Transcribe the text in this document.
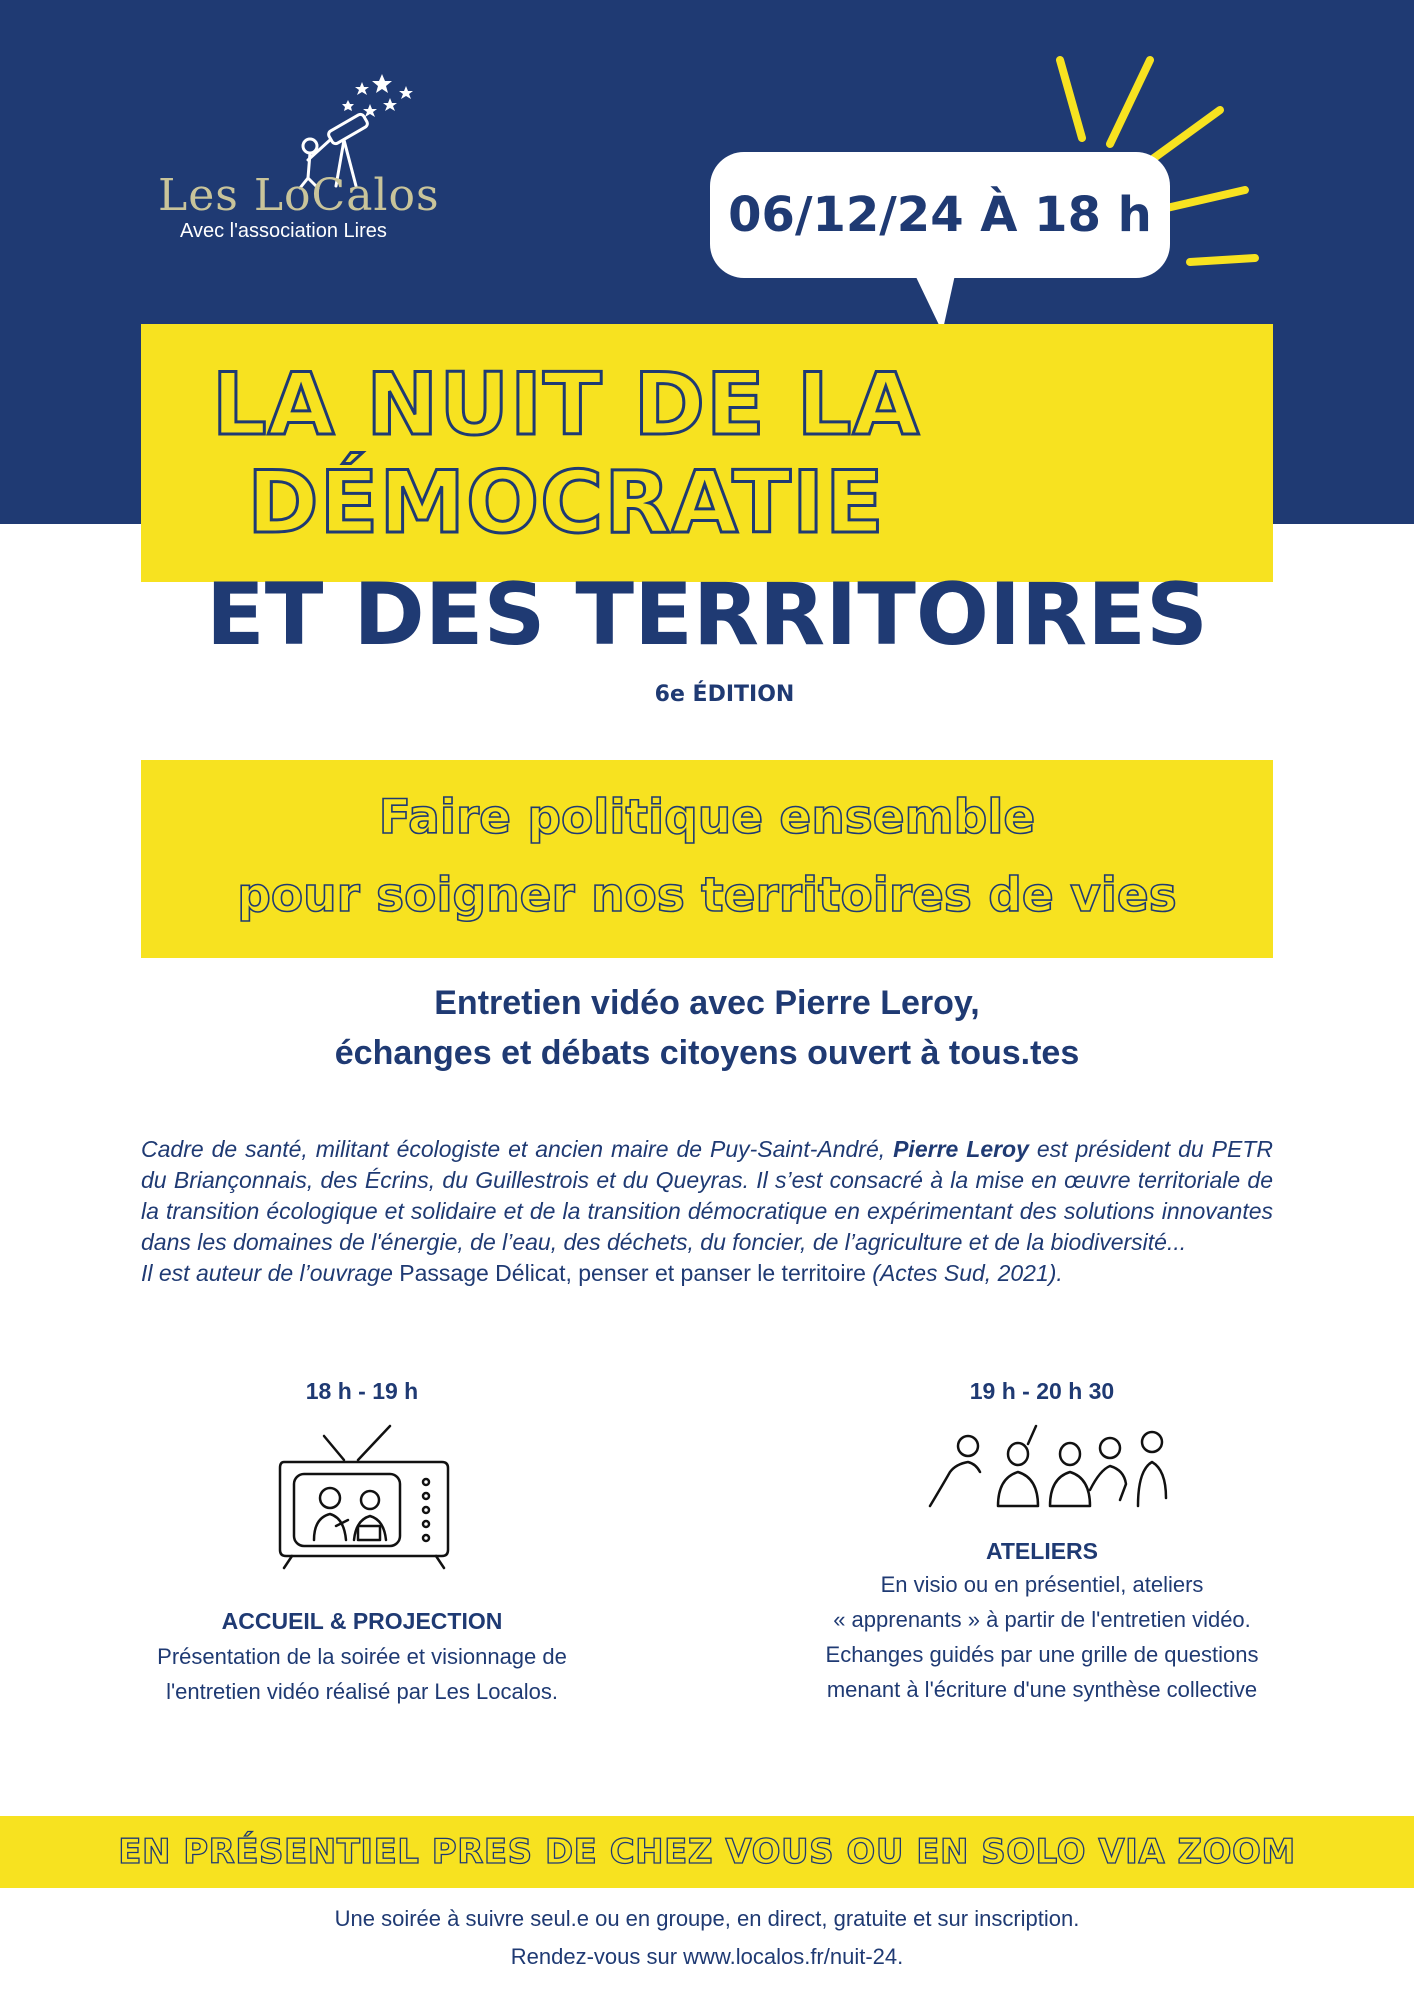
Les LoCalos
Avec l'association Lires	06/12/24 À 18 h
LA NUIT DE LA
DÉMOCRATIE
ET DES TERRITOIRES
6e ÉDITION
Faire politique ensemble
pour soigner nos territoires de vies
Entretien vidéo avec Pierre Leroy,
échanges et débats citoyens ouvert à tous.tes

Cadre de santé, militant écologiste et ancien maire de Puy-Saint-André, Pierre Leroy est président du PETR du Briançonnais, des Écrins, du Guillestrois et du Queyras. Il s’est consacré à la mise en œuvre territoriale de la transition écologique et solidaire et de la transition démocratique en expérimentant des solutions innovantes dans les domaines de l'énergie, de l’eau, des déchets, du foncier, de l’agriculture et de la biodiversité...

Il est auteur de l’ouvrage Passage Délicat, penser et panser le territoire (Actes Sud, 2021).

18 h - 19 h
ACCUEIL & PROJECTION
Présentation de la soirée et visionnage de
l'entretien vidéo réalisé par Les Localos.
19 h - 20 h 30
ATELIERS
En visio ou en présentiel, ateliers
« apprenants » à partir de l'entretien vidéo.
Echanges guidés par une grille de questions
menant à l'écriture d'une synthèse collective
EN PRÉSENTIEL PRES DE CHEZ VOUS OU EN SOLO VIA ZOOM
Une soirée à suivre seul.e ou en groupe, en direct, gratuite et sur inscription.
Rendez-vous sur www.localos.fr/nuit-24.
